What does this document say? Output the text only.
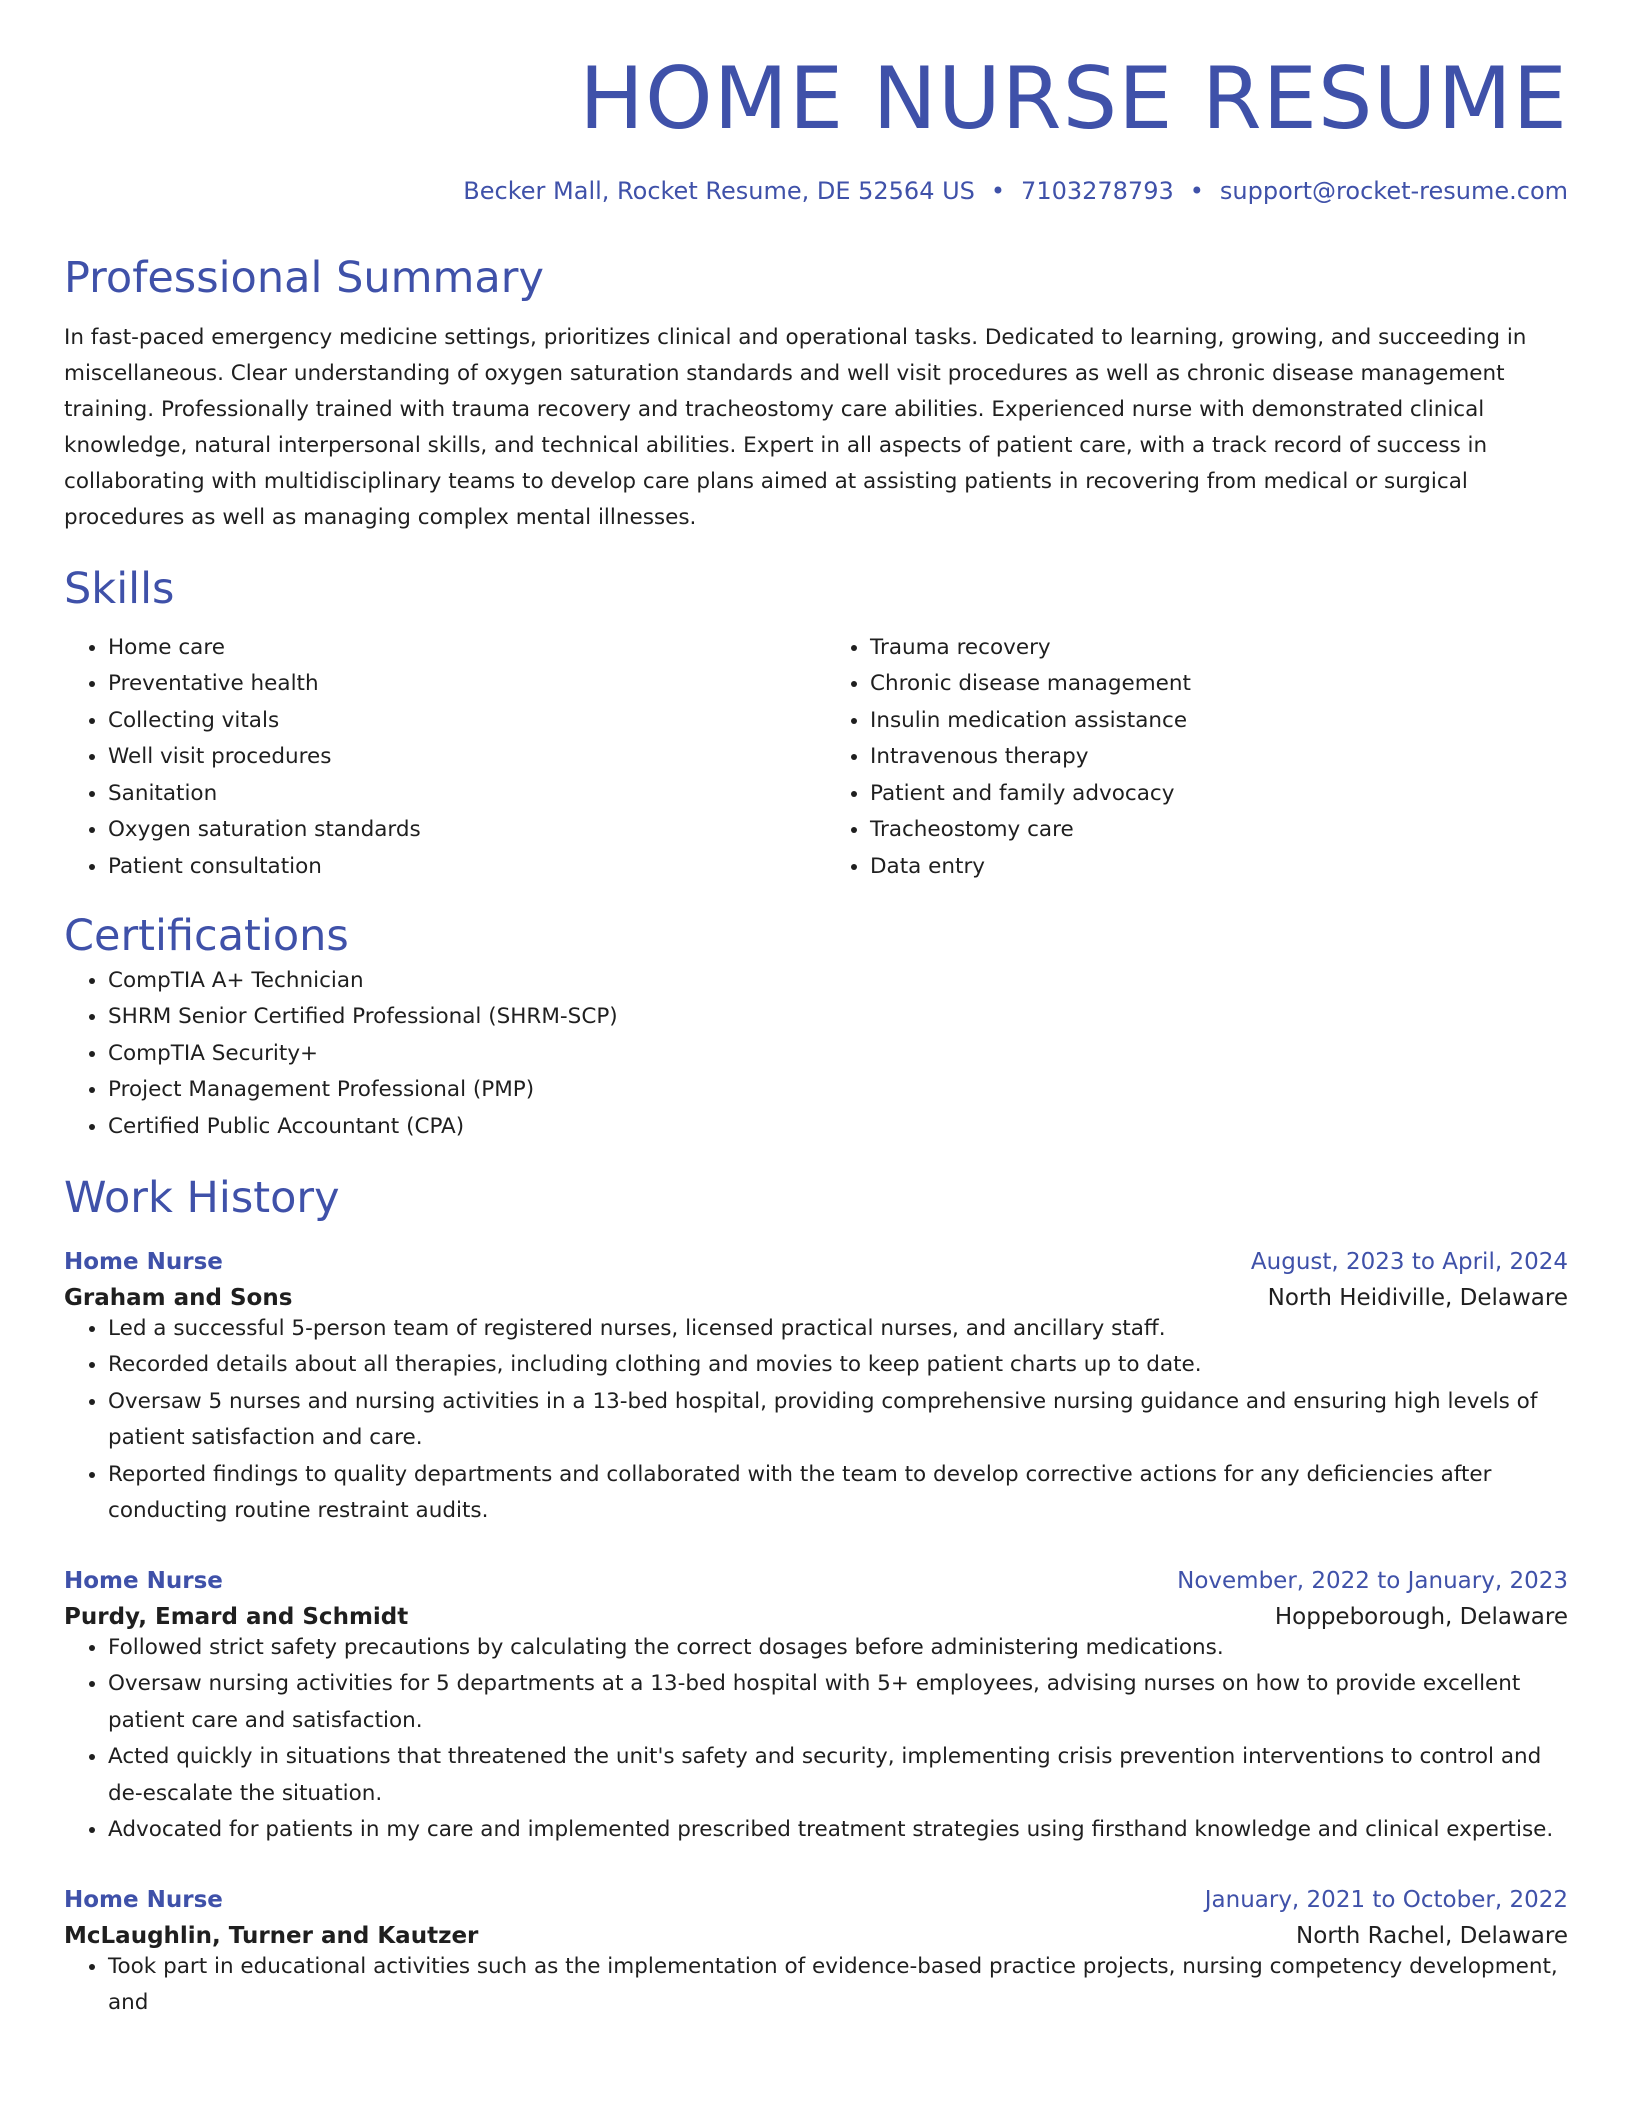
HOME NURSE RESUME
Becker Mall, Rocket Resume, DE 52564 US • 7103278793 • support@rocket-resume.com
Professional Summary

In fast-paced emergency medicine settings, prioritizes clinical and operational tasks. Dedicated to learning, growing, and succeeding in miscellaneous. Clear understanding of oxygen saturation standards and well visit procedures as well as chronic disease management training. Professionally trained with trauma recovery and tracheostomy care abilities. Experienced nurse with demonstrated clinical knowledge, natural interpersonal skills, and technical abilities. Expert in all aspects of patient care, with a track record of success in collaborating with multidisciplinary teams to develop care plans aimed at assisting patients in recovering from medical or surgical procedures as well as managing complex mental illnesses.

Skills
• Home care
• Preventative health
• Collecting vitals
• Well visit procedures
• Sanitation
• Oxygen saturation standards
• Patient consultation
• Trauma recovery
• Chronic disease management
• Insulin medication assistance
• Intravenous therapy
• Patient and family advocacy
• Tracheostomy care
• Data entry
Certifications
• CompTIA A+ Technician
• SHRM Senior Certified Professional (SHRM-SCP)
• CompTIA Security+
• Project Management Professional (PMP)
• Certified Public Accountant (CPA)
Work History
Home Nurse	August, 2023 to April, 2024
Graham and Sons	North Heidiville, Delaware
• Led a successful 5-person team of registered nurses, licensed practical nurses, and ancillary staff.
• Recorded details about all therapies, including clothing and movies to keep patient charts up to date.
• Oversaw 5 nurses and nursing activities in a 13-bed hospital, providing comprehensive nursing guidance and ensuring high levels of patient satisfaction and care.
• Reported findings to quality departments and collaborated with the team to develop corrective actions for any deficiencies after conducting routine restraint audits.
Home Nurse	November, 2022 to January, 2023
Purdy, Emard and Schmidt	Hoppeborough, Delaware
• Followed strict safety precautions by calculating the correct dosages before administering medications.
• Oversaw nursing activities for 5 departments at a 13-bed hospital with 5+ employees, advising nurses on how to provide excellent patient care and satisfaction.
• Acted quickly in situations that threatened the unit's safety and security, implementing crisis prevention interventions to control and de-escalate the situation.
• Advocated for patients in my care and implemented prescribed treatment strategies using firsthand knowledge and clinical expertise.
Home Nurse	January, 2021 to October, 2022
McLaughlin, Turner and Kautzer	North Rachel, Delaware
• Took part in educational activities such as the implementation of evidence-based practice projects, nursing competency development, and
